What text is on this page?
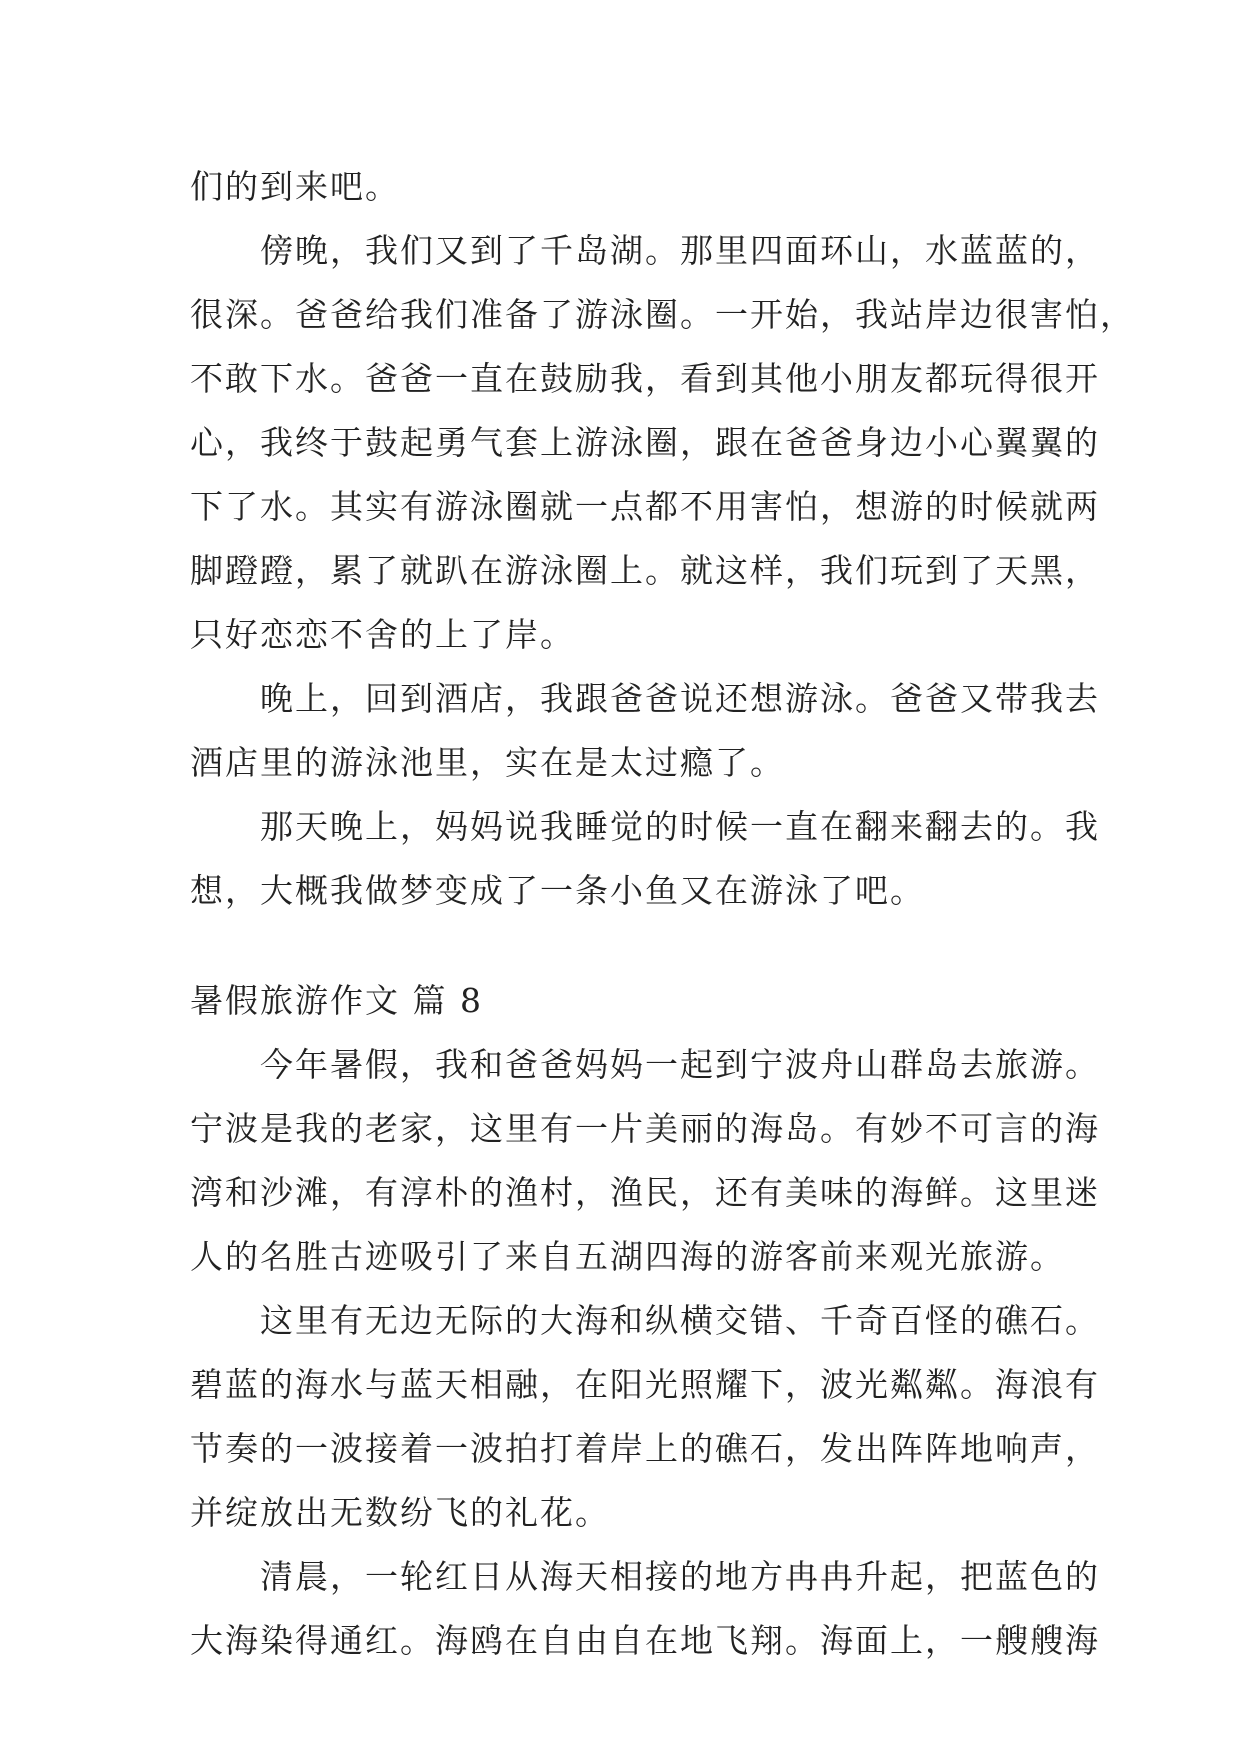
们的到来吧。
傍晚，我们又到了千岛湖。那里四面环山，水蓝蓝的，
很深。爸爸给我们准备了游泳圈。一开始，我站岸边很害怕，
不敢下水。爸爸一直在鼓励我，看到其他小朋友都玩得很开
心，我终于鼓起勇气套上游泳圈，跟在爸爸身边小心翼翼的
下了水。其实有游泳圈就一点都不用害怕，想游的时候就两
脚蹬蹬，累了就趴在游泳圈上。就这样，我们玩到了天黑，
只好恋恋不舍的上了岸。
晚上，回到酒店，我跟爸爸说还想游泳。爸爸又带我去
酒店里的游泳池里，实在是太过瘾了。
那天晚上，妈妈说我睡觉的时候一直在翻来翻去的。我
想，大概我做梦变成了一条小鱼又在游泳了吧。
暑假旅游作文 篇 8
今年暑假，我和爸爸妈妈一起到宁波舟山群岛去旅游。
宁波是我的老家，这里有一片美丽的海岛。有妙不可言的海
湾和沙滩，有淳朴的渔村，渔民，还有美味的海鲜。这里迷
人的名胜古迹吸引了来自五湖四海的游客前来观光旅游。
这里有无边无际的大海和纵横交错、千奇百怪的礁石。
碧蓝的海水与蓝天相融，在阳光照耀下，波光粼粼。海浪有
节奏的一波接着一波拍打着岸上的礁石，发出阵阵地响声，
并绽放出无数纷飞的礼花。
清晨，一轮红日从海天相接的地方冉冉升起，把蓝色的
大海染得通红。海鸥在自由自在地飞翔。海面上，一艘艘海
